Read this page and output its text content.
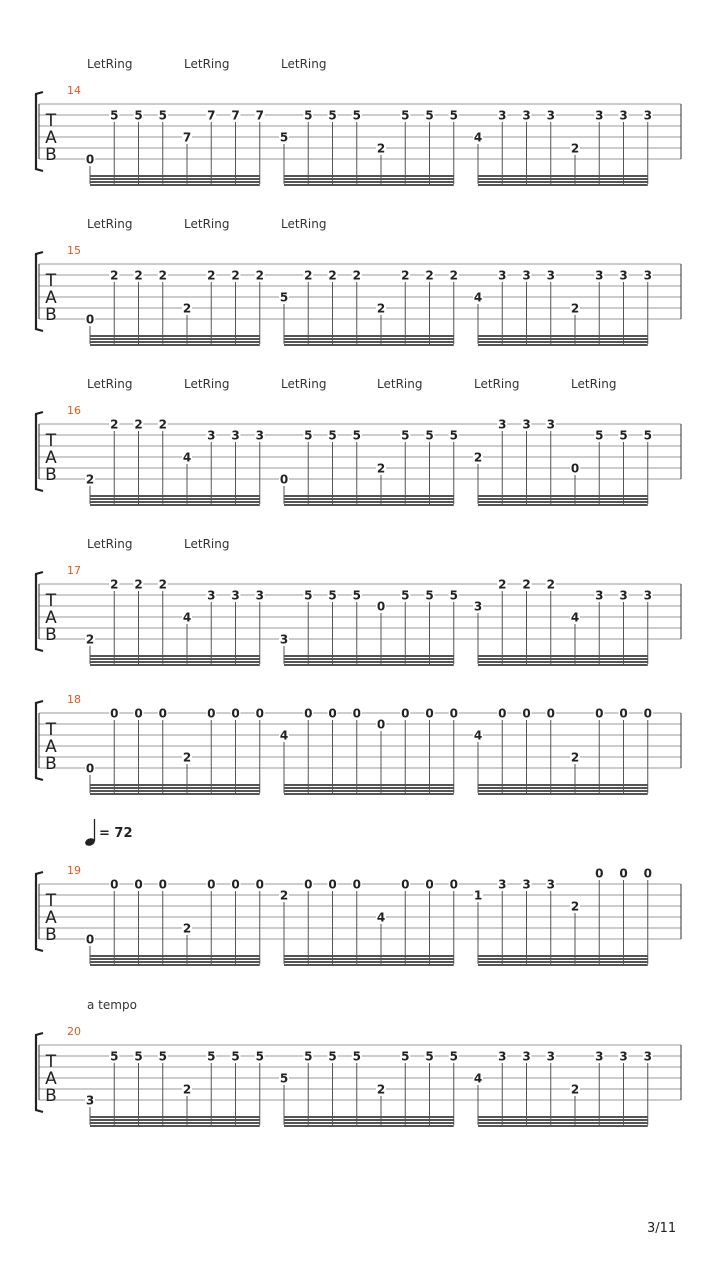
T
A
B
14
LetRing	LetRing	LetRing
0
5 5 5
7
7 7 7
5
5 5 5
2
5 5 5
4
3 3 3
2
3 3 3
T
A
B
15
LetRing	LetRing	LetRing
0
2 2 2
2
2 2 2
5
2 2 2
2
2 2 2
4
3 3 3
2
3 3 3
T
A
B
16
LetRing	LetRing	LetRing	LetRing	LetRing	LetRing
2
2 2 2
4
3 3 3
0
5 5 5
2
5 5 5
2
3 3 3
0
5 5 5
T
A
B
17
LetRing	LetRing
2
2 2 2
4
3 3 3
3
5 5 5
0
5 5 5
3
2 2 2
4
3 3 3
T
A
B
18
0
0 0 0
2
0 0 0
4
0 0 0
0
0 0 0
4
0 0 0
2
0 0 0
T
A
B
19
= 72
0
0 0 0
2
0 0 0
2
0 0 0
4
0 0 0
1
3 3 3
2
0 0 0
T
A
B
20
a tempo
3
5 5 5
2
5 5 5
5
5 5 5
2
5 5 5
4
3 3 3
2
3 3 3
3/11
